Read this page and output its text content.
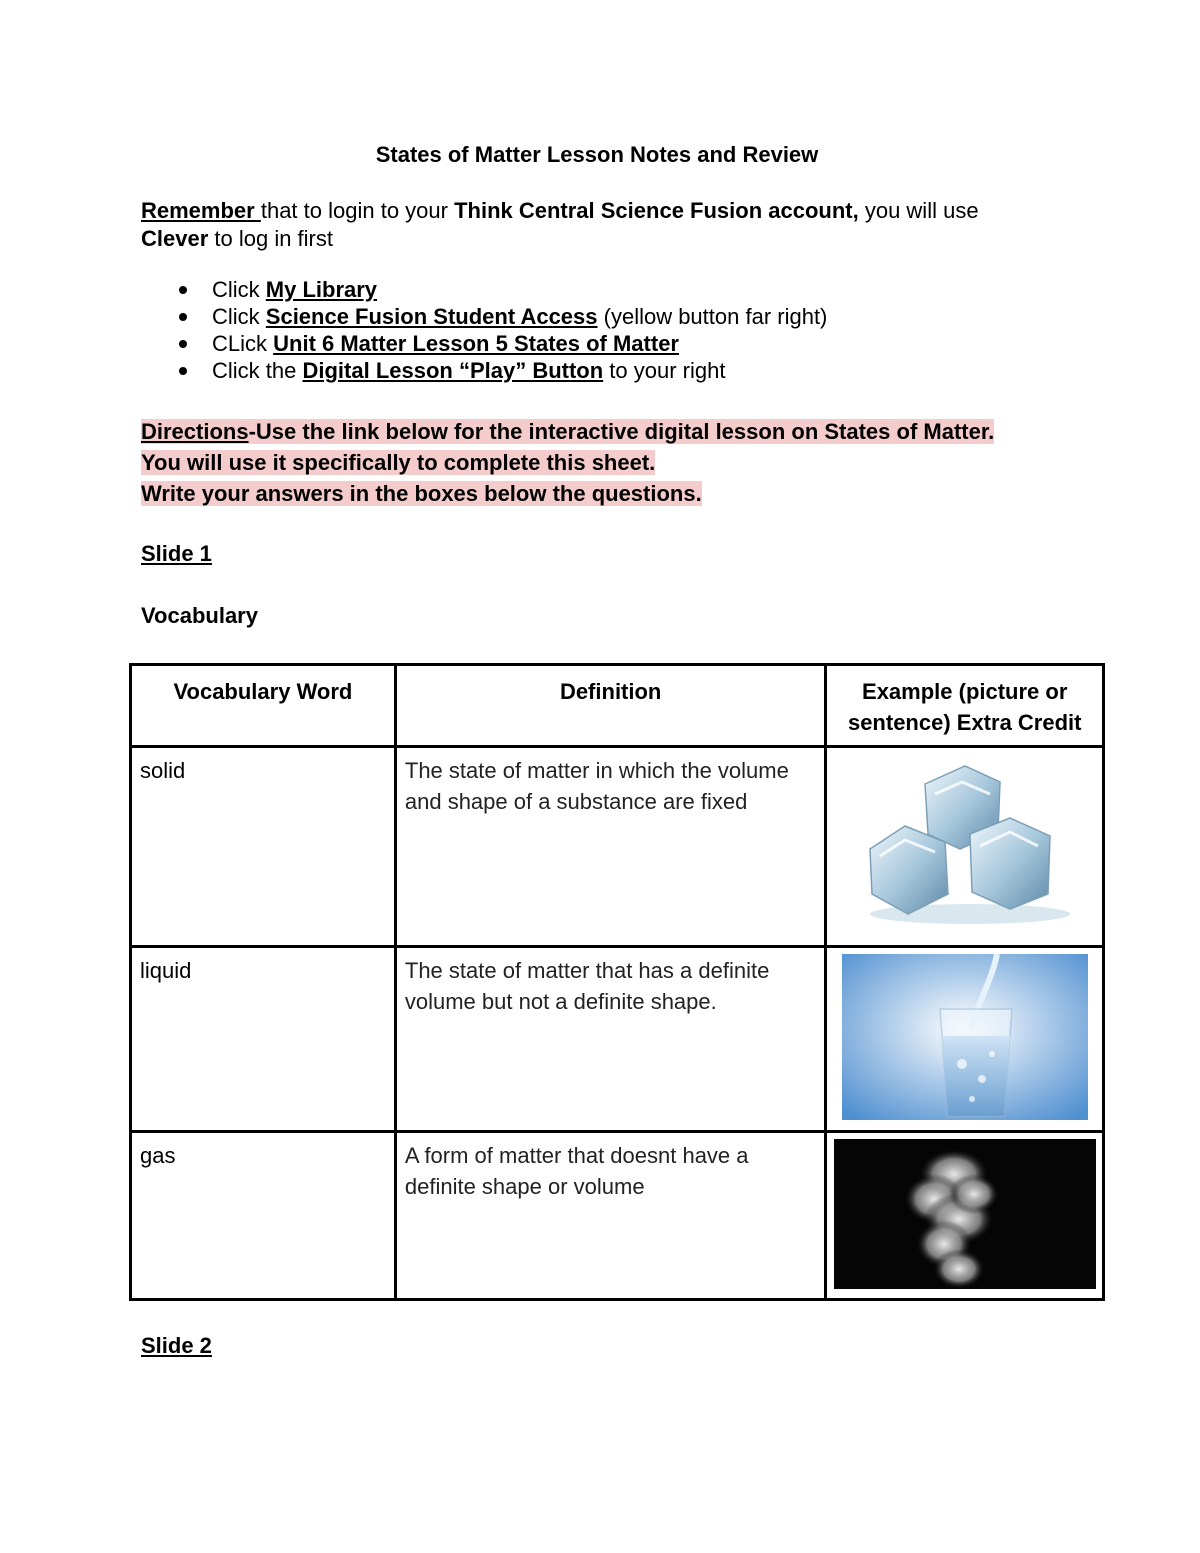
States of Matter Lesson Notes and Review
Remember that to login to your Think Central Science Fusion account, you will use
Clever to log in first
Click My Library
Click Science Fusion Student Access (yellow button far right)
CLick Unit 6 Matter Lesson 5 States of Matter
Click the Digital Lesson “Play” Button to your right
Directions-Use the link below for the interactive digital lesson on States of Matter.
You will use it specifically to complete this sheet.
Write your answers in the boxes below the questions.
Slide 1
Vocabulary
Vocabulary Word	Definition	Example (picture or sentence) Extra Credit
solid	The state of matter in which the volume and shape of a substance are fixed	

liquid	The state of matter that has a definite volume but not a definite shape.	

gas	A form of matter that doesnt have a definite shape or volume	
Slide 2
